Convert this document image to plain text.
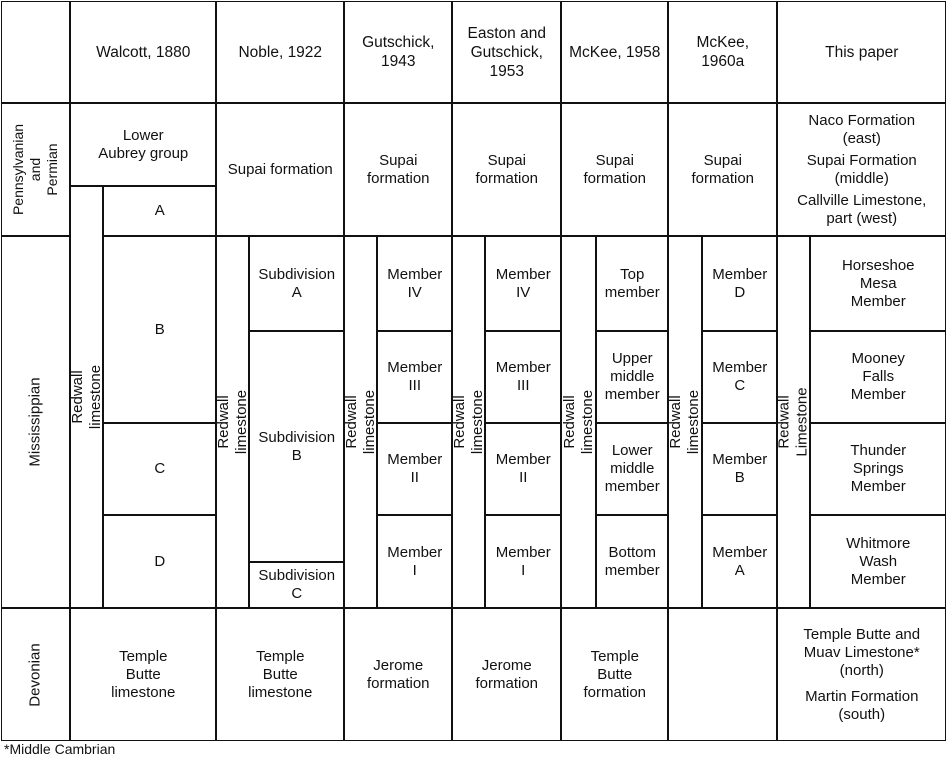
Walcott, 1880	Noble, 1922
Gutschick,
1943
Easton and
Gutschick,
1953
McKee, 1958
McKee,
1960a
This paper
Pennsylvanian
and
Permian
Mississippian
Devonian
Lower
Aubrey group
Redwall limestone
A
B
C
D
Temple
Butte
limestone
Supai formation
Redwall limestone
Subdivision
A
Subdivision
B
Subdivision
C
Temple
Butte
limestone
Supai
formation
Redwall limestone
Member
IV
Member
III
Member
II
Member
I
Jerome
formation
Supai
formation
Redwall limestone
Member
IV
Member
III
Member
II
Member
I
Jerome
formation
Supai
formation
Redwall limestone
Top
member
Upper
middle
member
Lower
middle
member
Bottom
member
Temple
Butte
formation
Supai
formation
Redwall limestone
Member
D
Member
C
Member
B
Member
A
Naco Formation
(east)
Supai Formation
(middle)
Callville Limestone,
part (west)
Redwall Limestone
Horseshoe
Mesa
Member
Mooney
Falls
Member
Thunder
Springs
Member
Whitmore
Wash
Member
Temple Butte and
Muav Limestone*
(north)
Martin Formation
(south)
*Middle Cambrian
